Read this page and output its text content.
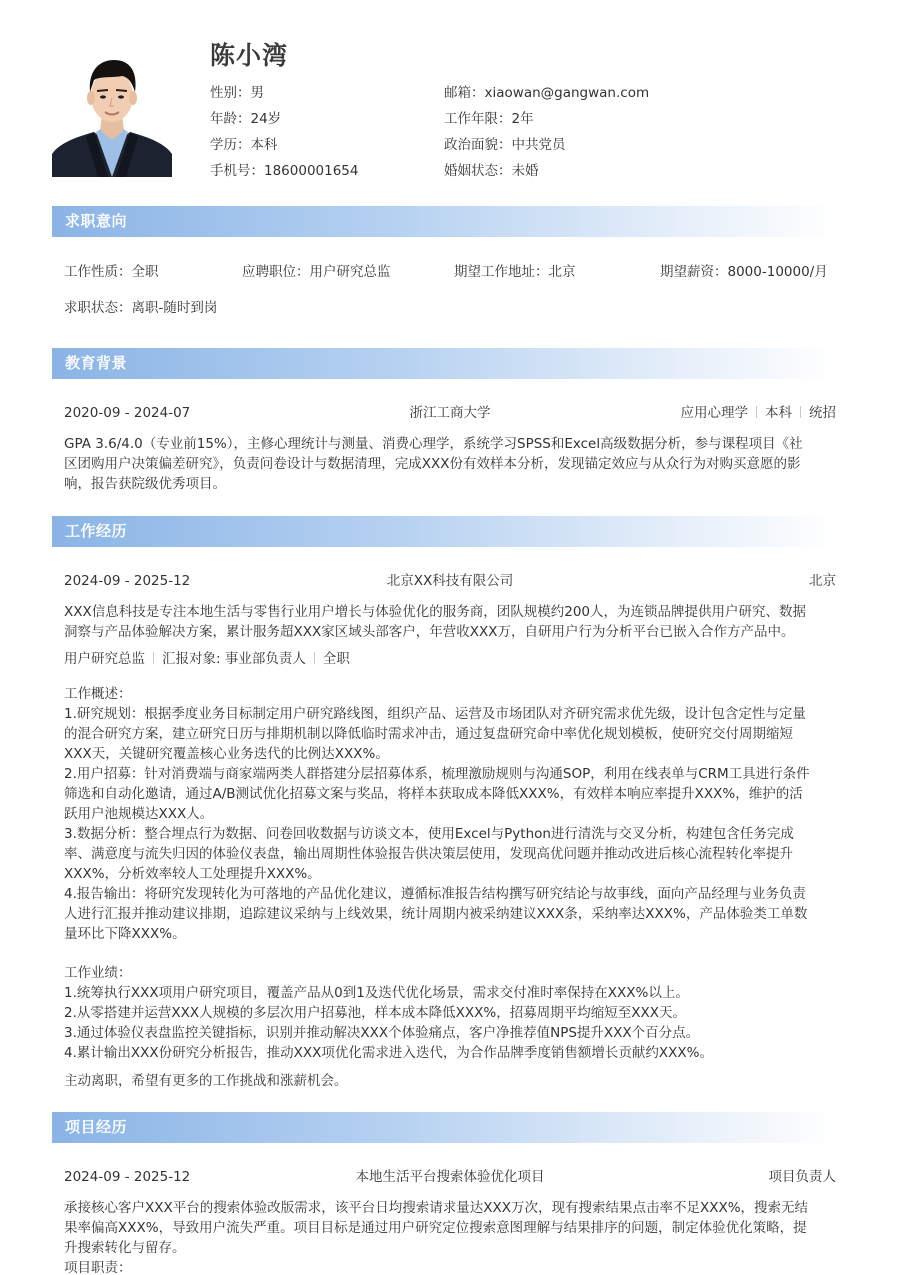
陈小湾
性别：男	邮箱：xiaowan@gangwan.com
年龄：24岁	工作年限：2年
学历：本科	政治面貌：中共党员
手机号：18600001654	婚姻状态：未婚
求职意向
工作性质：全职	应聘职位：用户研究总监	期望工作地址：北京	期望薪资：8000-10000/月
求职状态：离职-随时到岗
教育背景
2020-09 - 2024-07	浙江工商大学	应用心理学 本科 统招
GPA 3.6/4.0（专业前15%），主修心理统计与测量、消费心理学，系统学习SPSS和Excel高级数据分析，参与课程项目《社
区团购用户决策偏差研究》，负责问卷设计与数据清理，完成XXX份有效样本分析，发现锚定效应与从众行为对购买意愿的影
响，报告获院级优秀项目。
工作经历
2024-09 - 2025-12	北京XX科技有限公司	北京
XXX信息科技是专注本地生活与零售行业用户增长与体验优化的服务商，团队规模约200人，为连锁品牌提供用户研究、数据
洞察与产品体验解决方案，累计服务超XXX家区域头部客户，年营收XXX万，自研用户行为分析平台已嵌入合作方产品中。
用户研究总监 汇报对象: 事业部负责人 全职
工作概述：
1.研究规划：根据季度业务目标制定用户研究路线图，组织产品、运营及市场团队对齐研究需求优先级，设计包含定性与定量
的混合研究方案，建立研究日历与排期机制以降低临时需求冲击，通过复盘研究命中率优化规划模板，使研究交付周期缩短
XXX天，关键研究覆盖核心业务迭代的比例达XXX%。
2.用户招募：针对消费端与商家端两类人群搭建分层招募体系，梳理激励规则与沟通SOP，利用在线表单与CRM工具进行条件
筛选和自动化邀请，通过A/B测试优化招募文案与奖品，将样本获取成本降低XXX%，有效样本响应率提升XXX%，维护的活
跃用户池规模达XXX人。
3.数据分析：整合埋点行为数据、问卷回收数据与访谈文本，使用Excel与Python进行清洗与交叉分析，构建包含任务完成
率、满意度与流失归因的体验仪表盘，输出周期性体验报告供决策层使用，发现高优问题并推动改进后核心流程转化率提升
XXX%，分析效率较人工处理提升XXX%。
4.报告输出：将研究发现转化为可落地的产品优化建议，遵循标准报告结构撰写研究结论与故事线，面向产品经理与业务负责
人进行汇报并推动建议排期，追踪建议采纳与上线效果，统计周期内被采纳建议XXX条，采纳率达XXX%，产品体验类工单数
量环比下降XXX%。
工作业绩：
1.统筹执行XXX项用户研究项目，覆盖产品从0到1及迭代优化场景，需求交付准时率保持在XXX%以上。
2.从零搭建并运营XXX人规模的多层次用户招募池，样本成本降低XXX%，招募周期平均缩短至XXX天。
3.通过体验仪表盘监控关键指标，识别并推动解决XXX个体验痛点，客户净推荐值NPS提升XXX个百分点。
4.累计输出XXX份研究分析报告，推动XXX项优化需求进入迭代，为合作品牌季度销售额增长贡献约XXX%。
主动离职，希望有更多的工作挑战和涨薪机会。
项目经历
2024-09 - 2025-12	本地生活平台搜索体验优化项目	项目负责人
承接核心客户XXX平台的搜索体验改版需求，该平台日均搜索请求量达XXX万次，现有搜索结果点击率不足XXX%，搜索无结
果率偏高XXX%，导致用户流失严重。项目目标是通过用户研究定位搜索意图理解与结果排序的问题，制定体验优化策略，提
升搜索转化与留存。
项目职责：
